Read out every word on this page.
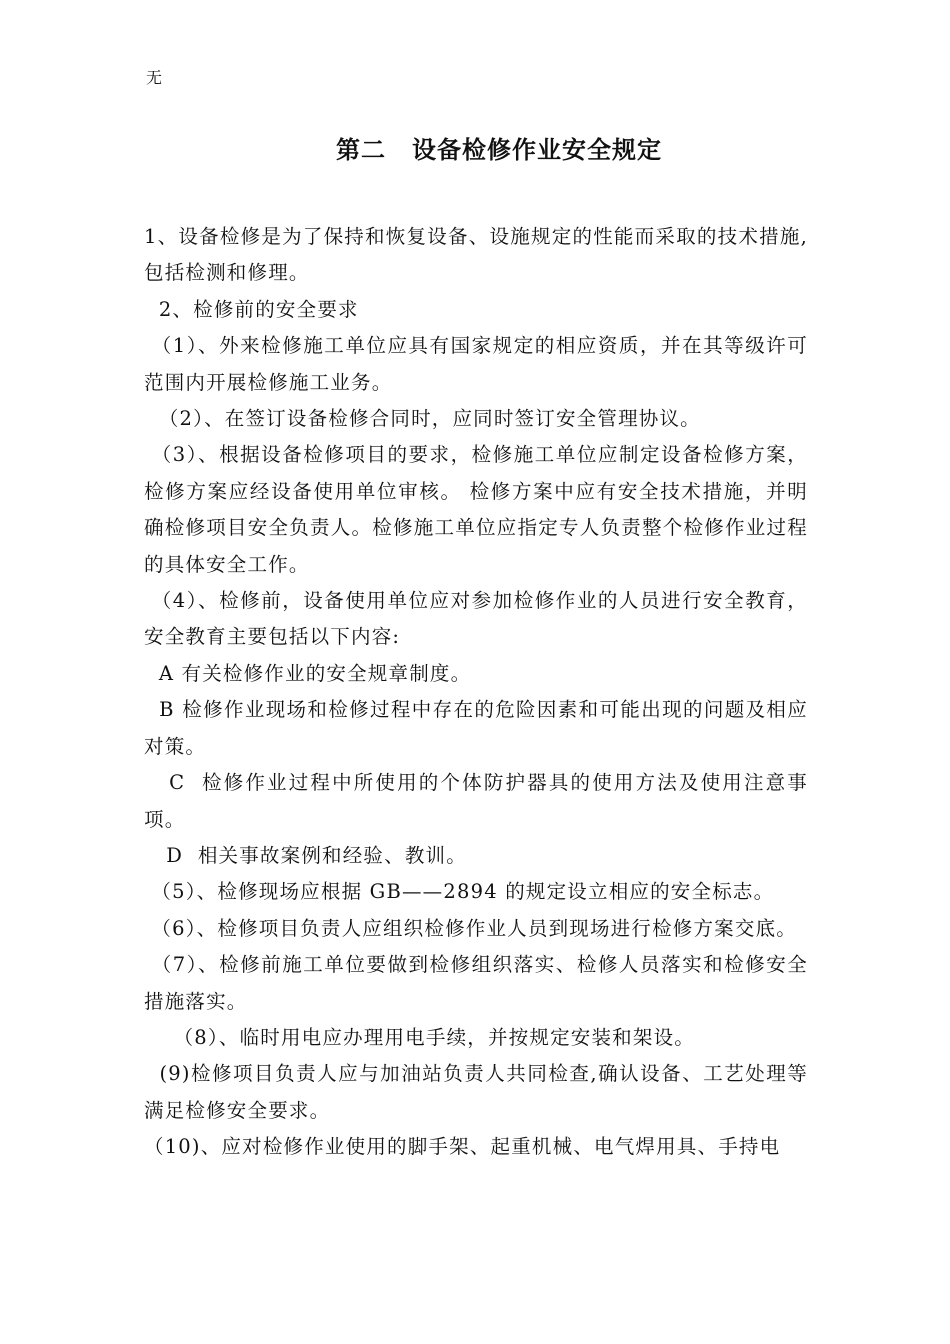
无
第二 设备检修作业安全规定

1、设备检修是为了保持和恢复设备、设施规定的性能而采取的技术措施,包括检测和修理。

2、检修前的安全要求

（1）、外来检修施工单位应具有国家规定的相应资质，并在其等级许可范围内开展检修施工业务。

（2）、在签订设备检修合同时，应同时签订安全管理协议。

（3）、根据设备检修项目的要求，检修施工单位应制定设备检修方案，检修方案应经设备使用单位审核。 检修方案中应有安全技术措施，并明确检修项目安全负责人。检修施工单位应指定专人负责整个检修作业过程的具体安全工作。

（4）、检修前，设备使用单位应对参加检修作业的人员进行安全教育，安全教育主要包括以下内容:

A 有关检修作业的安全规章制度。

B 检修作业现场和检修过程中存在的危险因素和可能出现的问题及相应对策。

C  检修作业过程中所使用的个体防护器具的使用方法及使用注意事项。

D  相关事故案例和经验、教训。

（5）、检修现场应根据 GB——2894 的规定设立相应的安全标志。

（6）、检修项目负责人应组织检修作业人员到现场进行检修方案交底。

（7）、检修前施工单位要做到检修组织落实、检修人员落实和检修安全措施落实。

（8）、临时用电应办理用电手续，并按规定安装和架设。

(9)检修项目负责人应与加油站负责人共同检查,确认设备、工艺处理等满足检修安全要求。

（10)、应对检修作业使用的脚手架、起重机械、电气焊用具、手持电
